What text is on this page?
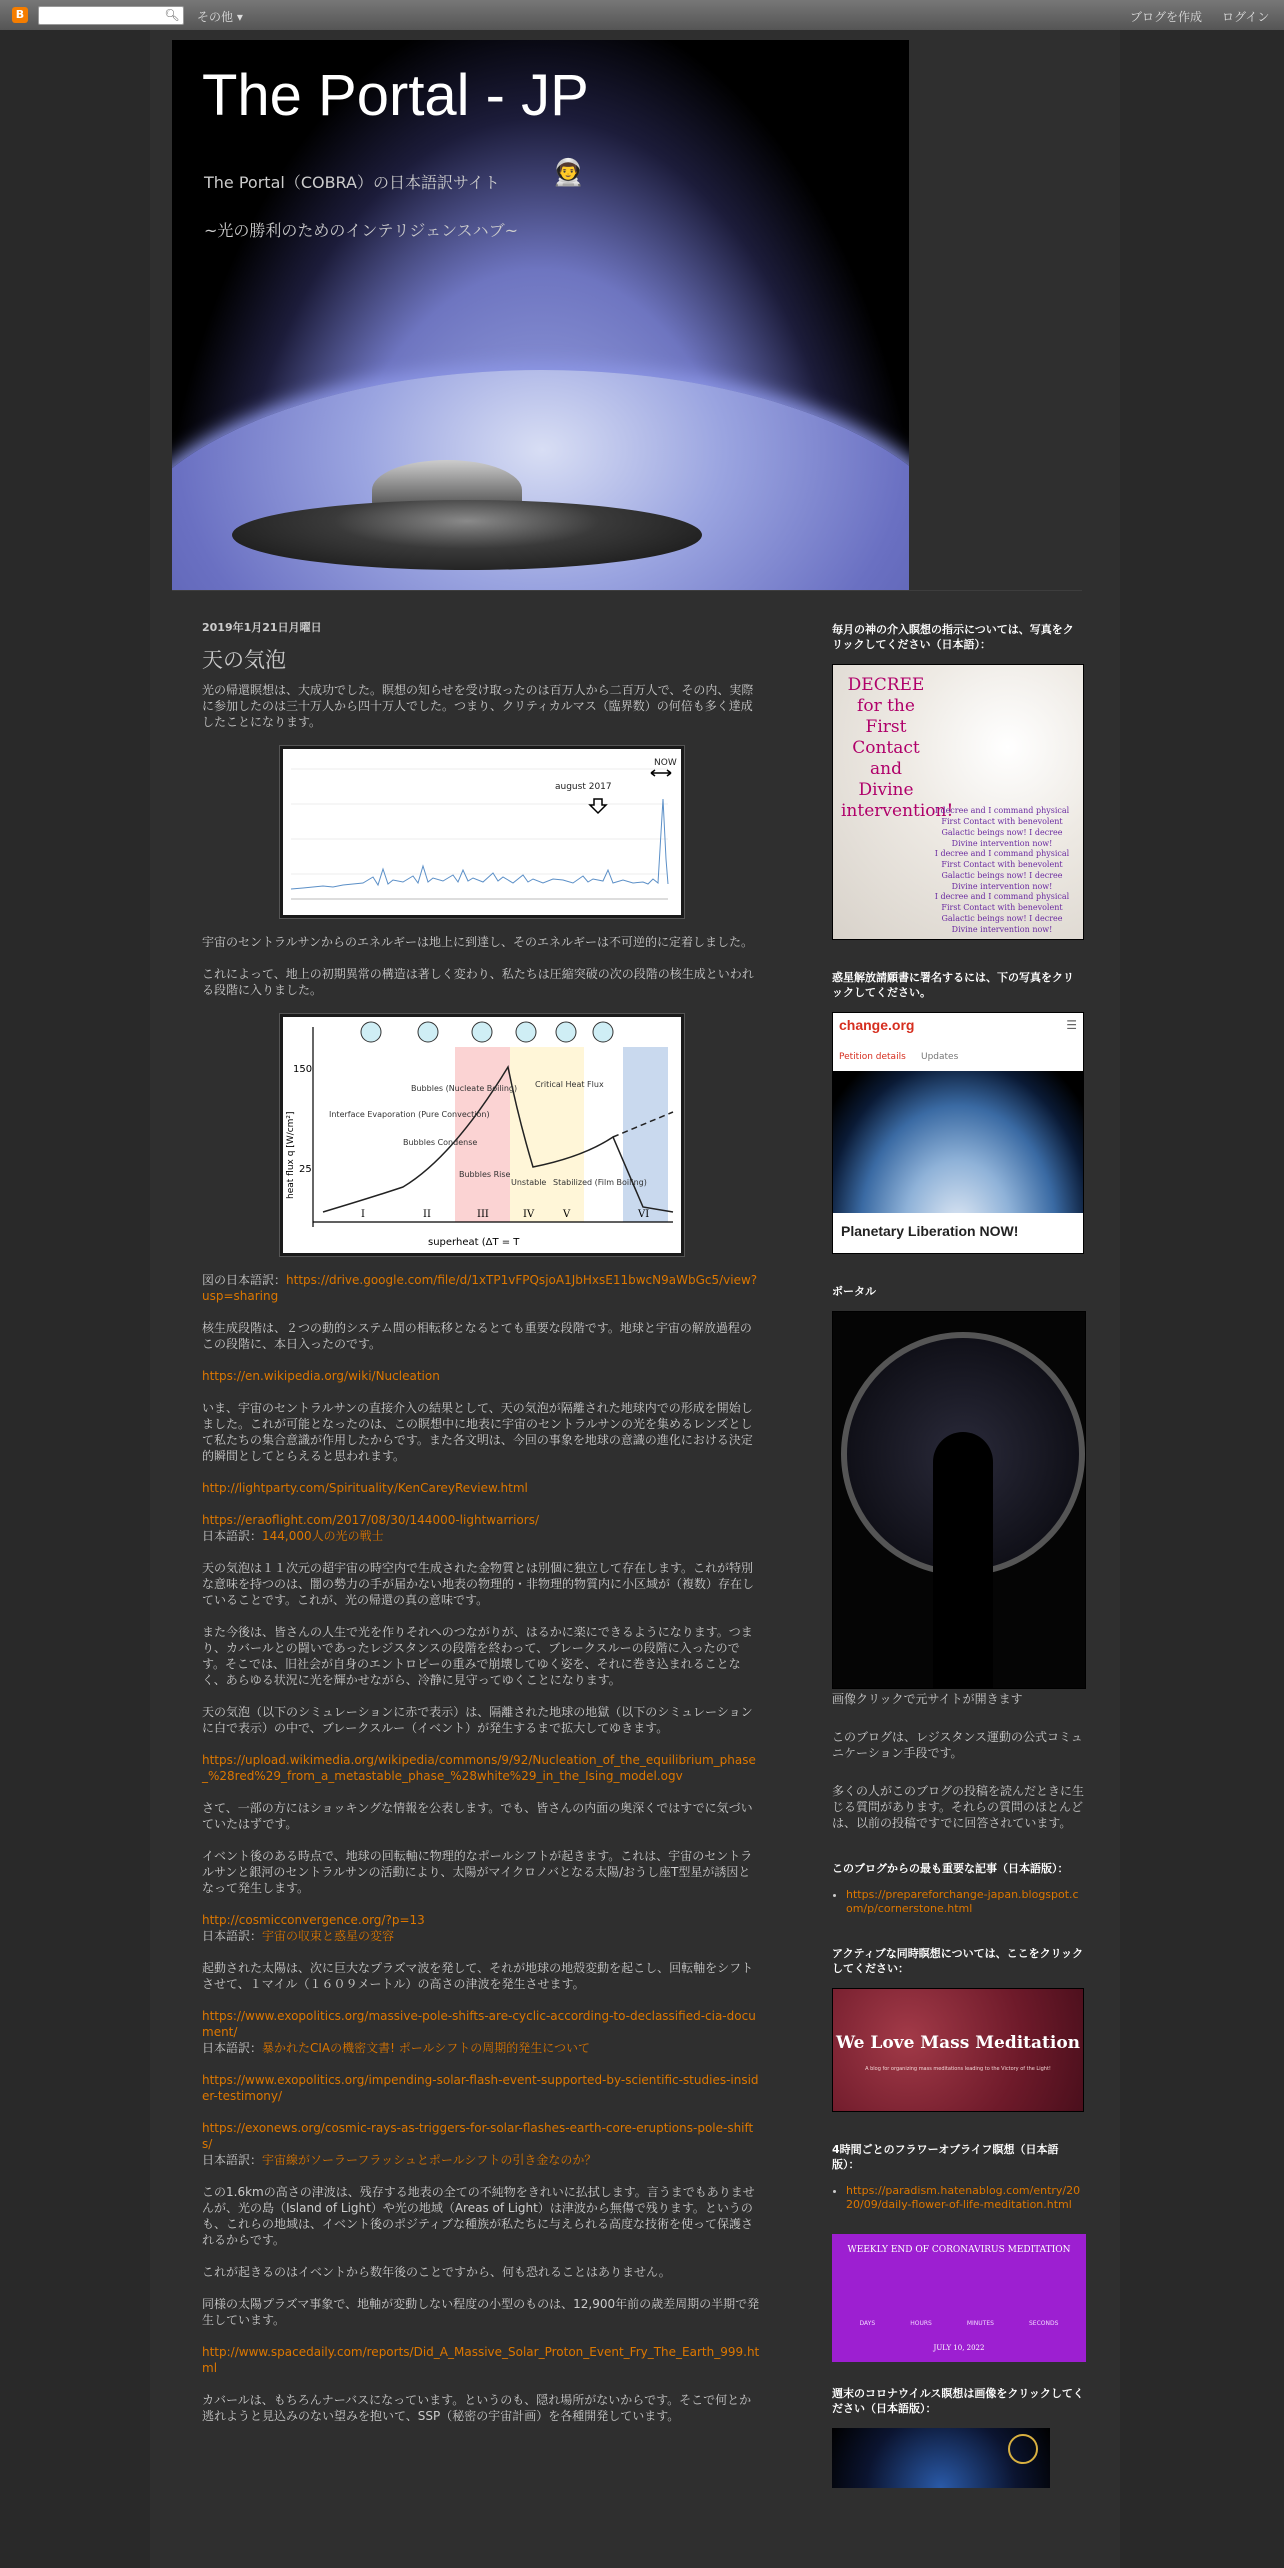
B	🔍︎ その他 ▾	ブログを作成 ログイン
The Portal - JP
The Portal（COBRA）の日本語訳サイト 👨‍🚀
~光の勝利のためのインテリジェンスハブ~
2019年1月21日月曜日
天の気泡

光の帰還瞑想は、大成功でした。瞑想の知らせを受け取ったのは百万人から二百万人で、その内、実際に参加したのは三十万人から四十万人でした。つまり、クリティカルマス（臨界数）の何倍も多く達成したことになります。

august 2017
NOW

宇宙のセントラルサンからのエネルギーは地上に到達し、そのエネルギーは不可逆的に定着しました。

これによって、地上の初期異常の構造は著しく変わり、私たちは圧縮突破の次の段階の核生成といわれる段階に入りました。

150
25
heat flux q [W/cm²]	Interface Evaporation (Pure Convection)
Bubbles (Nucleate Boiling)
Bubbles Condense
Bubbles Rise
Critical Heat Flux
Unstable Stabilized (Film Boiling)
I	II	III	IV	V	VI
superheat (ΔT = T

図の日本語訳：https://drive.google.com/file/d/1xTP1vFPQsjoA1JbHxsE11bwcN9aWbGc5/view?usp=sharing

核生成段階は、２つの動的システム間の相転移となるとても重要な段階です。地球と宇宙の解放過程のこの段階に、本日入ったのです。

https://en.wikipedia.org/wiki/Nucleation

いま、宇宙のセントラルサンの直接介入の結果として、天の気泡が隔離された地球内での形成を開始しました。これが可能となったのは、この瞑想中に地表に宇宙のセントラルサンの光を集めるレンズとして私たちの集合意識が作用したからです。また各文明は、今回の事象を地球の意識の進化における決定的瞬間としてとらえると思われます。

http://lightparty.com/Spirituality/KenCareyReview.html

https://eraoflight.com/2017/08/30/144000-lightwarriors/
日本語訳：144,000人の光の戦士

天の気泡は１１次元の超宇宙の時空内で生成された金物質とは別個に独立して存在します。これが特別な意味を持つのは、闇の勢力の手が届かない地表の物理的・非物理的物質内に小区域が（複数）存在していることです。これが、光の帰還の真の意味です。

また今後は、皆さんの人生で光を作りそれへのつながりが、はるかに楽にできるようになります。つまり、カバールとの闘いであったレジスタンスの段階を終わって、ブレークスルーの段階に入ったのです。そこでは、旧社会が自身のエントロピーの重みで崩壊してゆく姿を、それに巻き込まれることなく、あらゆる状況に光を輝かせながら、冷静に見守ってゆくことになります。

天の気泡（以下のシミュレーションに赤で表示）は、隔離された地球の地獄（以下のシミュレーションに白で表示）の中で、ブレークスルー（イベント）が発生するまで拡大してゆきます。

https://upload.wikimedia.org/wikipedia/commons/9/92/Nucleation_of_the_equilibrium_phase_%28red%29_from_a_metastable_phase_%28white%29_in_the_Ising_model.ogv

さて、一部の方にはショッキングな情報を公表します。でも、皆さんの内面の奥深くではすでに気づいていたはずです。

イベント後のある時点で、地球の回転軸に物理的なポールシフトが起きます。これは、宇宙のセントラルサンと銀河のセントラルサンの活動により、太陽がマイクロノバとなる太陽/おうし座T型星が誘因となって発生します。

http://cosmicconvergence.org/?p=13
日本語訳：宇宙の収束と惑星の変容

起動された太陽は、次に巨大なプラズマ波を発して、それが地球の地殻変動を起こし、回転軸をシフトさせて、１マイル（１６０９メートル）の高さの津波を発生させます。

https://www.exopolitics.org/massive-pole-shifts-are-cyclic-according-to-declassified-cia-document/
日本語訳：暴かれたCIAの機密文書! ポールシフトの周期的発生について

https://www.exopolitics.org/impending-solar-flash-event-supported-by-scientific-studies-insider-testimony/

https://exonews.org/cosmic-rays-as-triggers-for-solar-flashes-earth-core-eruptions-pole-shifts/
日本語訳：宇宙線がソーラーフラッシュとポールシフトの引き金なのか？

この1.6kmの高さの津波は、残存する地表の全ての不純物をきれいに払拭します。言うまでもありませんが、光の島（Island of Light）や光の地域（Areas of Light）は津波から無傷で残ります。というのも、これらの地域は、イベント後のポジティブな種族が私たちに与えられる高度な技術を使って保護されるからです。

これが起きるのはイベントから数年後のことですから、何も恐れることはありません。

同様の太陽プラズマ事象で、地軸が変動しない程度の小型のものは、12,900年前の歳差周期の半期で発生しています。

http://www.spacedaily.com/reports/Did_A_Massive_Solar_Proton_Event_Fry_The_Earth_999.html

カバールは、もちろんナーバスになっています。というのも、隠れ場所がないからです。そこで何とか逃れようと見込みのない望みを抱いて、SSP（秘密の宇宙計画）を各種開発しています。

毎月の神の介入瞑想の指示については、写真をクリックしてください（日本語）：
DECREE for the First Contact and Divine intervention!
I decree and I command physical First Contact with benevolent Galactic beings now! I decree Divine intervention now!
I decree and I command physical First Contact with benevolent Galactic beings now! I decree Divine intervention now!
I decree and I command physical First Contact with benevolent Galactic beings now! I decree Divine intervention now!
惑星解放請願書に署名するには、下の写真をクリックしてください。
change.org	☰
Petition details Updates
Planetary Liberation NOW!
ポータル
画像クリックで元サイトが開きます
このブログは、レジスタンス運動の公式コミュニケーション手段です。
多くの人がこのブログの投稿を読んだときに生じる質問があります。それらの質問のほとんどは、以前の投稿ですでに回答されています。
このブログからの最も重要な記事（日本語版）：
• https://prepareforchange-japan.blogspot.com/p/cornerstone.html
アクティブな同時瞑想については、ここをクリックしてください：
We Love Mass Meditation
A blog for organizing mass meditations leading to the Victory of the Light!
4時間ごとのフラワーオブライフ瞑想（日本語版）：
• https://paradism.hatenablog.com/entry/2020/09/daily-flower-of-life-meditation.html
WEEKLY END OF CORONAVIRUS MEDITATION
DAYS	HOURS	MINUTES	SECONDS
JULY 10, 2022
週末のコロナウイルス瞑想は画像をクリックしてください（日本語版）：
